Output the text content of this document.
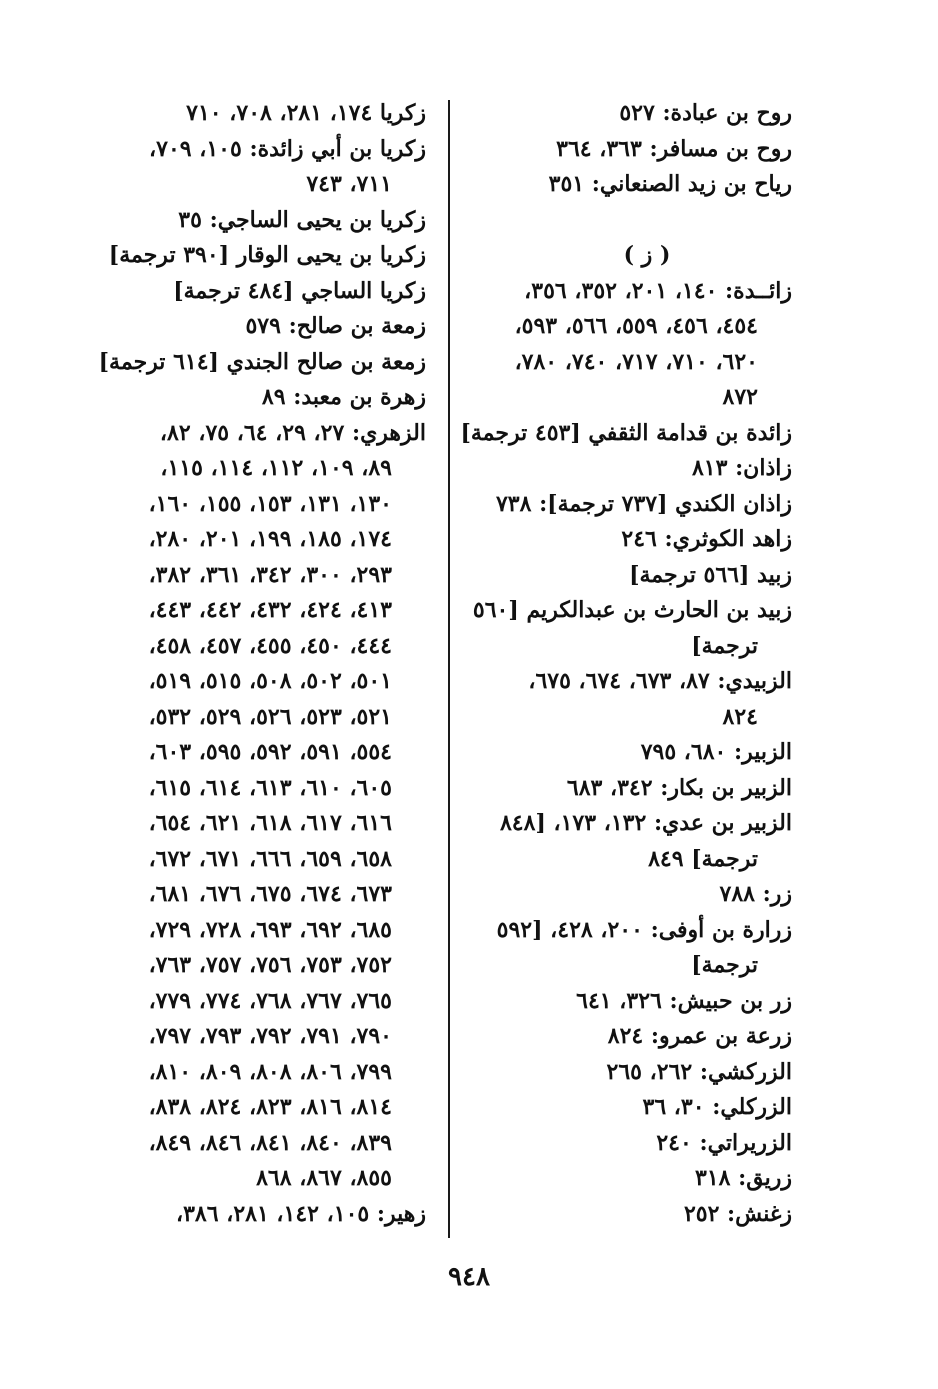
روح بن عبادة: ٥٢٧
روح بن مسافر: ٣٦٣، ٣٦٤
رياح بن زيد الصنعاني: ٣٥١
( ز )
زائــدة: ١٤٠، ٢٠١، ٣٥٢، ٣٥٦،
٤٥٤، ٤٥٦، ٥٥٩، ٥٦٦، ٥٩٣،
٦٢٠، ٧١٠، ٧١٧، ٧٤٠، ٧٨٠،
٨٧٢
زائدة بن قدامة الثقفي [٤٥٣ ترجمة]
زاذان: ٨١٣
زاذان الكندي [٧٣٧ ترجمة]: ٧٣٨
زاهد الكوثري: ٢٤٦
زبيد [٥٦٦ ترجمة]
زبيد بن الحارث بن عبدالكريم [٥٦٠
ترجمة]
الزبيدي: ٨٧، ٦٧٣، ٦٧٤، ٦٧٥،
٨٢٤
الزبير: ٦٨٠، ٧٩٥
الزبير بن بكار: ٣٤٢، ٦٨٣
الزبير بن عدي: ١٣٢، ١٧٣، [٨٤٨
ترجمة] ٨٤٩
زر: ٧٨٨
زرارة بن أوفى: ٢٠٠، ٤٢٨، [٥٩٢
ترجمة]
زر بن حبيش: ٣٢٦، ٦٤١
زرعة بن عمرو: ٨٢٤
الزركشي: ٢٦٢، ٢٦٥
الزركلي: ٣٠، ٣٦
الزريراتي: ٢٤٠
زريق: ٣١٨
زغنش: ٢٥٢
زكريا ١٧٤، ٢٨١، ٧٠٨، ٧١٠
زكريا بن أبي زائدة: ١٠٥، ٧٠٩،
٧١١، ٧٤٣
زكريا بن يحيى الساجي: ٣٥
زكريا بن يحيى الوقار [٣٩٠ ترجمة]
زكريا الساجي [٤٨٤ ترجمة]
زمعة بن صالح: ٥٧٩
زمعة بن صالح الجندي [٦١٤ ترجمة]
زهرة بن معبد: ٨٩
الزهري: ٢٧، ٢٩، ٦٤، ٧٥، ٨٢،
٨٩، ١٠٩، ١١٢، ١١٤، ١١٥،
١٣٠، ١٣١، ١٥٣، ١٥٥، ١٦٠،
١٧٤، ١٨٥، ١٩٩، ٢٠١، ٢٨٠،
٢٩٣، ٣٠٠، ٣٤٢، ٣٦١، ٣٨٢،
٤١٣، ٤٢٤، ٤٣٢، ٤٤٢، ٤٤٣،
٤٤٤، ٤٥٠، ٤٥٥، ٤٥٧، ٤٥٨،
٥٠١، ٥٠٢، ٥٠٨، ٥١٥، ٥١٩،
٥٢١، ٥٢٣، ٥٢٦، ٥٢٩، ٥٣٢،
٥٥٤، ٥٩١، ٥٩٢، ٥٩٥، ٦٠٣،
٦٠٥، ٦١٠، ٦١٣، ٦١٤، ٦١٥،
٦١٦، ٦١٧، ٦١٨، ٦٢١، ٦٥٤،
٦٥٨، ٦٥٩، ٦٦٦، ٦٧١، ٦٧٢،
٦٧٣، ٦٧٤، ٦٧٥، ٦٧٦، ٦٨١،
٦٨٥، ٦٩٢، ٦٩٣، ٧٢٨، ٧٢٩،
٧٥٢، ٧٥٣، ٧٥٦، ٧٥٧، ٧٦٣،
٧٦٥، ٧٦٧، ٧٦٨، ٧٧٤، ٧٧٩،
٧٩٠، ٧٩١، ٧٩٢، ٧٩٣، ٧٩٧،
٧٩٩، ٨٠٦، ٨٠٨، ٨٠٩، ٨١٠،
٨١٤، ٨١٦، ٨٢٣، ٨٢٤، ٨٣٨،
٨٣٩، ٨٤٠، ٨٤١، ٨٤٦، ٨٤٩،
٨٥٥، ٨٦٧، ٨٦٨
زهير: ١٠٥، ١٤٢، ٢٨١، ٣٨٦،
٩٤٨
